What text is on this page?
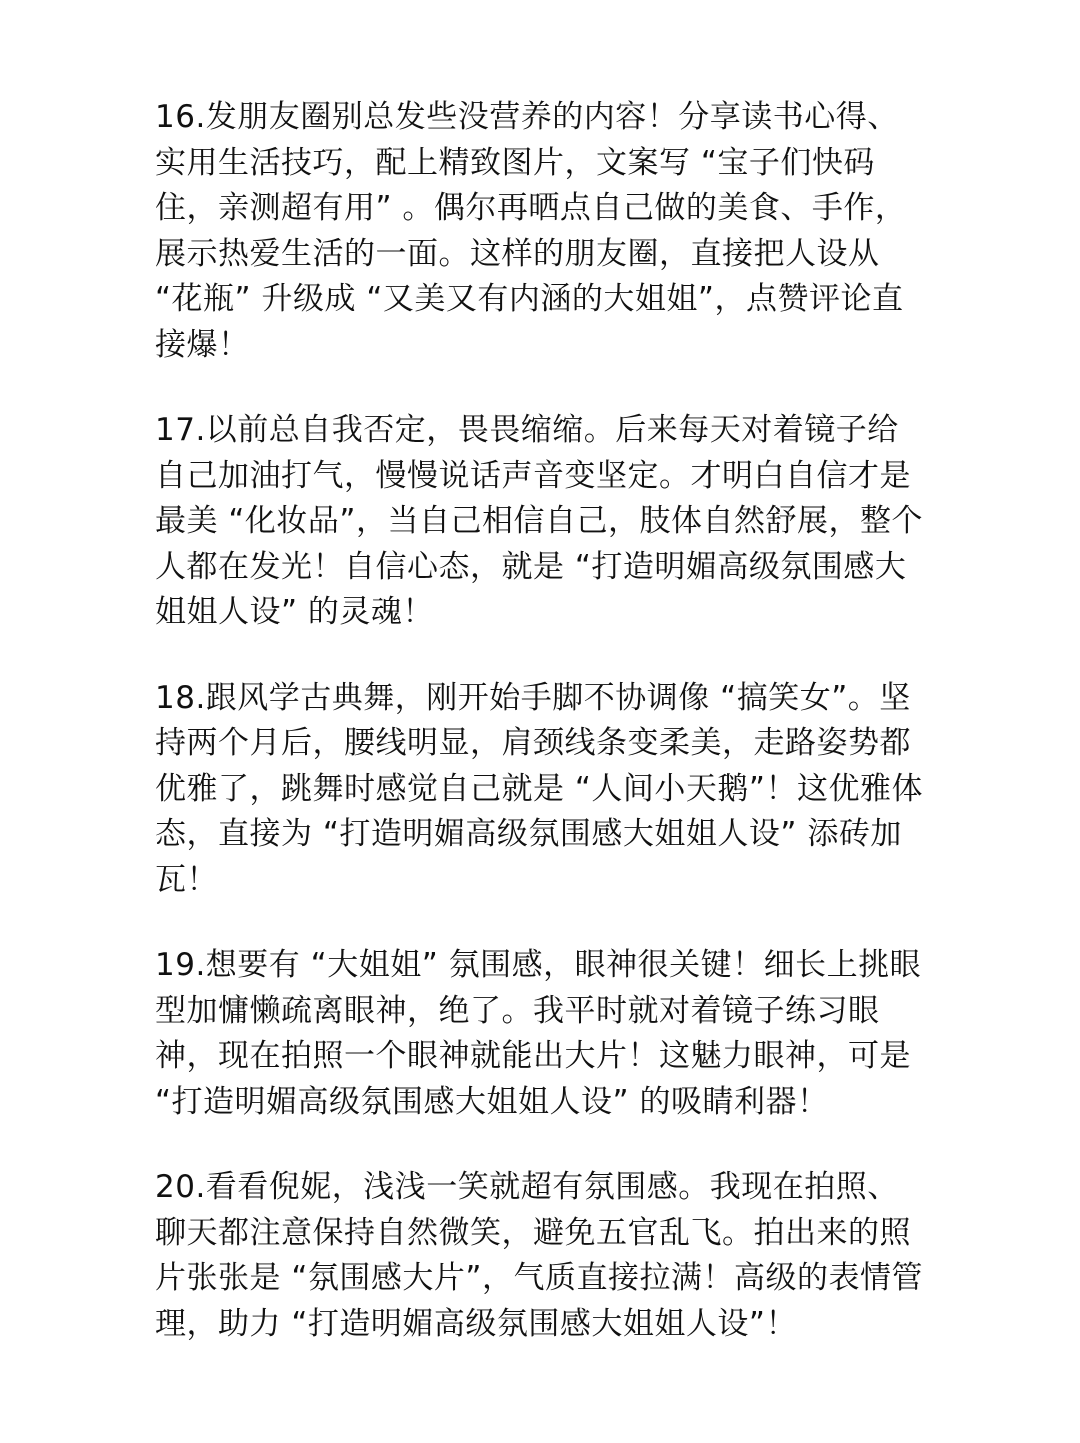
16.发朋友圈别总发些没营养的内容！分享读书心得、实用生活技巧，配上精致图片，文案写 “宝子们快码住，亲测超有用” 。偶尔再晒点自己做的美食、手作，展示热爱生活的一面。这样的朋友圈，直接把人设从 “花瓶” 升级成 “又美又有内涵的大姐姐”，点赞评论直接爆！

17.以前总自我否定，畏畏缩缩。后来每天对着镜子给自己加油打气，慢慢说话声音变坚定。才明白自信才是最美 “化妆品”，当自己相信自己，肢体自然舒展，整个人都在发光！自信心态，就是 “打造明媚高级氛围感大姐姐人设” 的灵魂！

18.跟风学古典舞，刚开始手脚不协调像 “搞笑女”。坚持两个月后，腰线明显，肩颈线条变柔美，走路姿势都优雅了，跳舞时感觉自己就是 “人间小天鹅”！这优雅体态，直接为 “打造明媚高级氛围感大姐姐人设” 添砖加瓦！

19.想要有 “大姐姐” 氛围感，眼神很关键！细长上挑眼型加慵懒疏离眼神，绝了。我平时就对着镜子练习眼神，现在拍照一个眼神就能出大片！这魅力眼神，可是 “打造明媚高级氛围感大姐姐人设” 的吸睛利器！

20.看看倪妮，浅浅一笑就超有氛围感。我现在拍照、聊天都注意保持自然微笑，避免五官乱飞。拍出来的照片张张是 “氛围感大片”，气质直接拉满！高级的表情管理，助力 “打造明媚高级氛围感大姐姐人设”！
